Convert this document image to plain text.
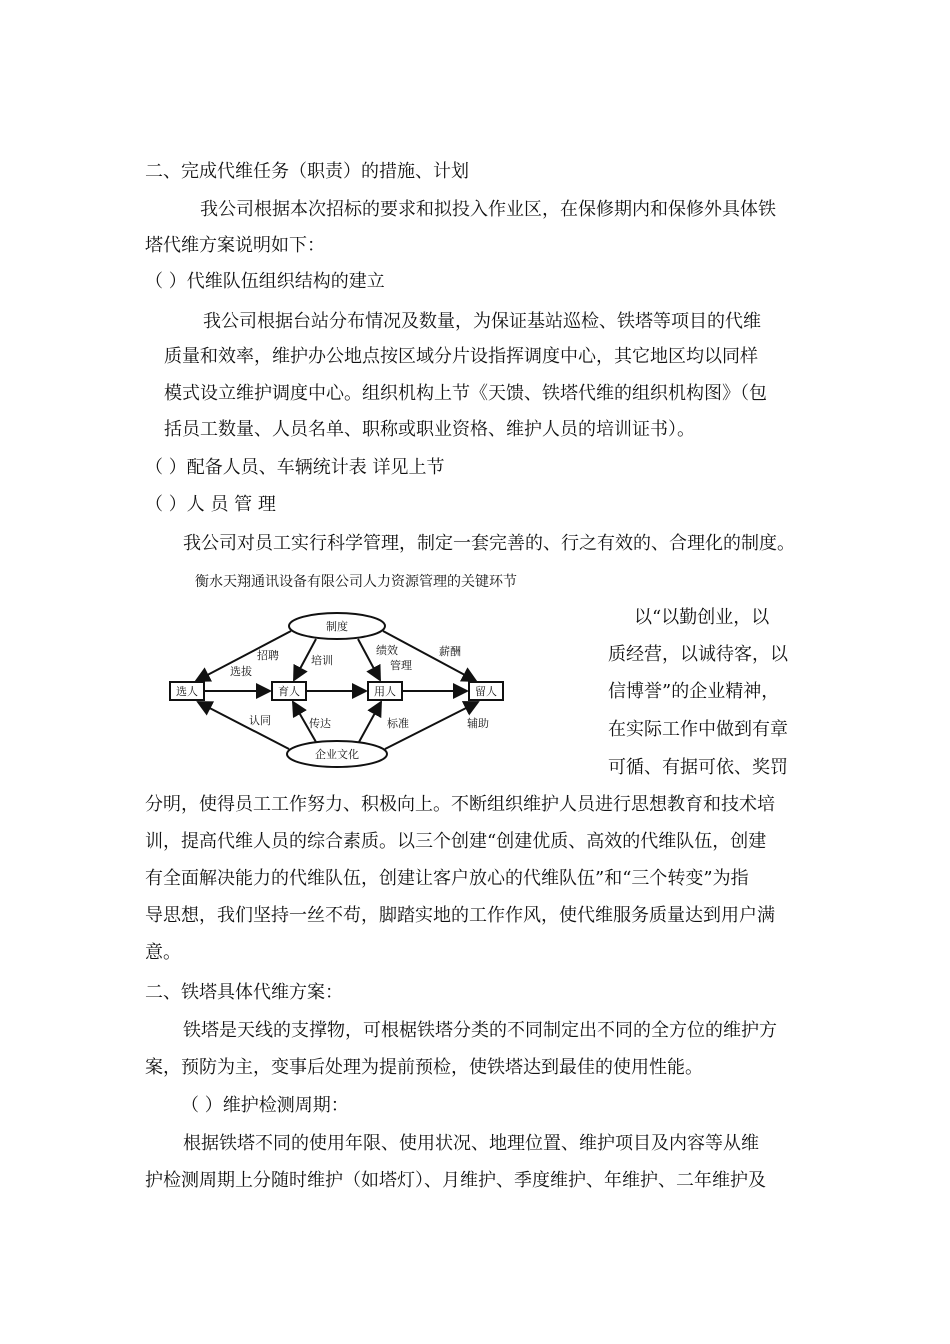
二、完成代维任务（职责）的措施、计划
我公司根据本次招标的要求和拟投入作业区，在保修期内和保修外具体铁
塔代维方案说明如下：
（ ）代维队伍组织结构的建立
我公司根据台站分布情况及数量，为保证基站巡检、铁塔等项目的代维
质量和效率，维护办公地点按区域分片设指挥调度中心，其它地区均以同样
模式设立维护调度中心。组织机构上节《天馈、铁塔代维的组织机构图》（包
括员工数量、人员名单、职称或职业资格、维护人员的培训证书）。
（ ）配备人员、车辆统计表 详见上节
（ ）人 员 管 理
我公司对员工实行科学管理，制定一套完善的、行之有效的、合理化的制度。
衡水天翔通讯设备有限公司人力资源管理的关键环节
制度
企业文化
选人	育人	用人	留人
招聘
选拔
培训
绩效
管理
薪酬
认同	传达	标准	辅助
以“以勤创业，以
质经营，以诚待客，以
信博誉”的企业精神，
在实际工作中做到有章
可循、有据可依、奖罚
分明，使得员工工作努力、积极向上。不断组织维护人员进行思想教育和技术培
训，提高代维人员的综合素质。以三个创建“创建优质、高效的代维队伍，创建
有全面解决能力的代维队伍，创建让客户放心的代维队伍”和“三个转变”为指
导思想，我们坚持一丝不苟，脚踏实地的工作作风，使代维服务质量达到用户满
意。
二、铁塔具体代维方案：
铁塔是天线的支撑物，可根椐铁塔分类的不同制定出不同的全方位的维护方
案，预防为主，变事后处理为提前预检，使铁塔达到最佳的使用性能。
（ ）维护检测周期：
根据铁塔不同的使用年限、使用状况、地理位置、维护项目及内容等从维
护检测周期上分随时维护（如塔灯）、月维护、季度维护、年维护、二年维护及
